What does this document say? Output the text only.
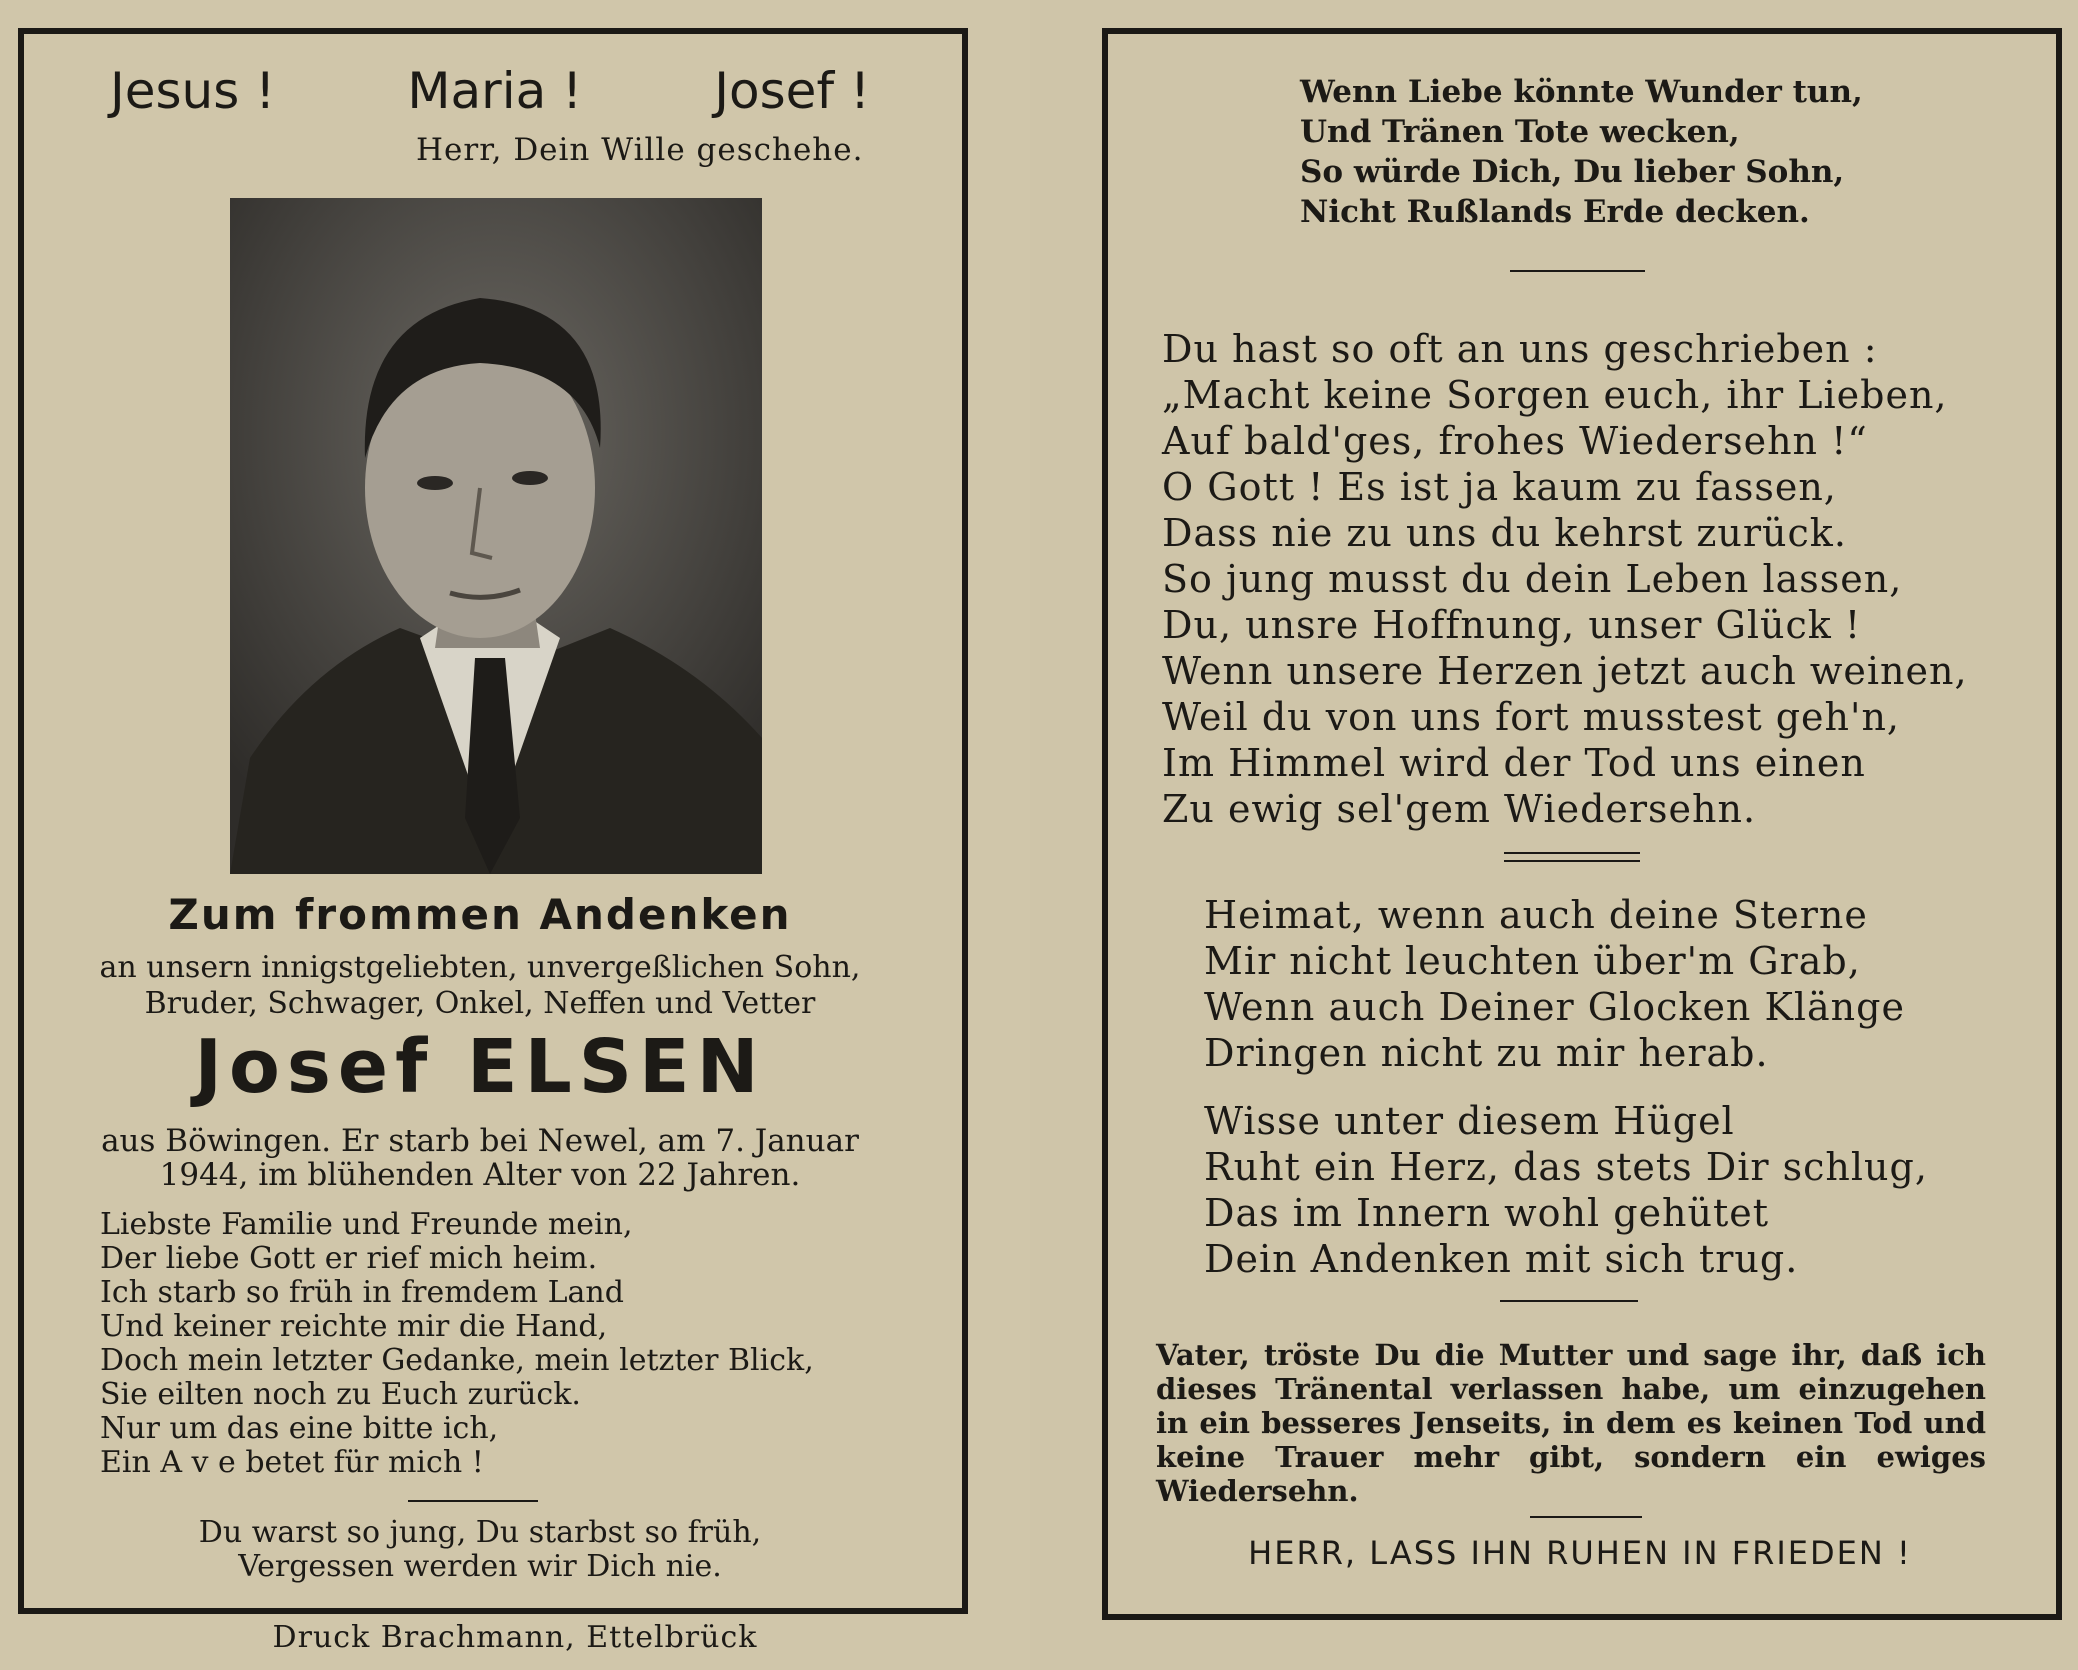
Jesus !	Maria !	Josef !
Herr, Dein Wille geschehe.
Zum frommen Andenken
an unsern innigstgeliebten, unvergeßlichen Sohn,
Bruder, Schwager, Onkel, Neffen und Vetter
Josef ELSEN
aus Böwingen. Er starb bei Newel, am 7. Januar
1944, im blühenden Alter von 22 Jahren.
Liebste Familie und Freunde mein,
Der liebe Gott er rief mich heim.
Ich starb so früh in fremdem Land
Und keiner reichte mir die Hand,
Doch mein letzter Gedanke, mein letzter Blick,
Sie eilten noch zu Euch zurück.
Nur um das eine bitte ich,
Ein A v e betet für mich !
Du warst so jung, Du starbst so früh,
Vergessen werden wir Dich nie.
Druck Brachmann, Ettelbrück
Wenn Liebe könnte Wunder tun,
Und Tränen Tote wecken,
So würde Dich, Du lieber Sohn,
Nicht Rußlands Erde decken.
Du hast so oft an uns geschrieben :
„Macht keine Sorgen euch, ihr Lieben,
Auf bald'ges, frohes Wiedersehn !“
O Gott ! Es ist ja kaum zu fassen,
Dass nie zu uns du kehrst zurück.
So jung musst du dein Leben lassen,
Du, unsre Hoffnung, unser Glück !
Wenn unsere Herzen jetzt auch weinen,
Weil du von uns fort musstest geh'n,
Im Himmel wird der Tod uns einen
Zu ewig sel'gem Wiedersehn.
Heimat, wenn auch deine Sterne
Mir nicht leuchten über'm Grab,
Wenn auch Deiner Glocken Klänge
Dringen nicht zu mir herab.
Wisse unter diesem Hügel
Ruht ein Herz, das stets Dir schlug,
Das im Innern wohl gehütet
Dein Andenken mit sich trug.
Vater, tröste Du die Mutter und sage ihr, daß ich dieses Tränental verlassen habe, um einzugehen in ein besseres Jenseits, in dem es keinen Tod und keine Trauer mehr gibt, sondern ein ewiges Wiedersehn.
HERR, LASS IHN RUHEN IN FRIEDEN !
